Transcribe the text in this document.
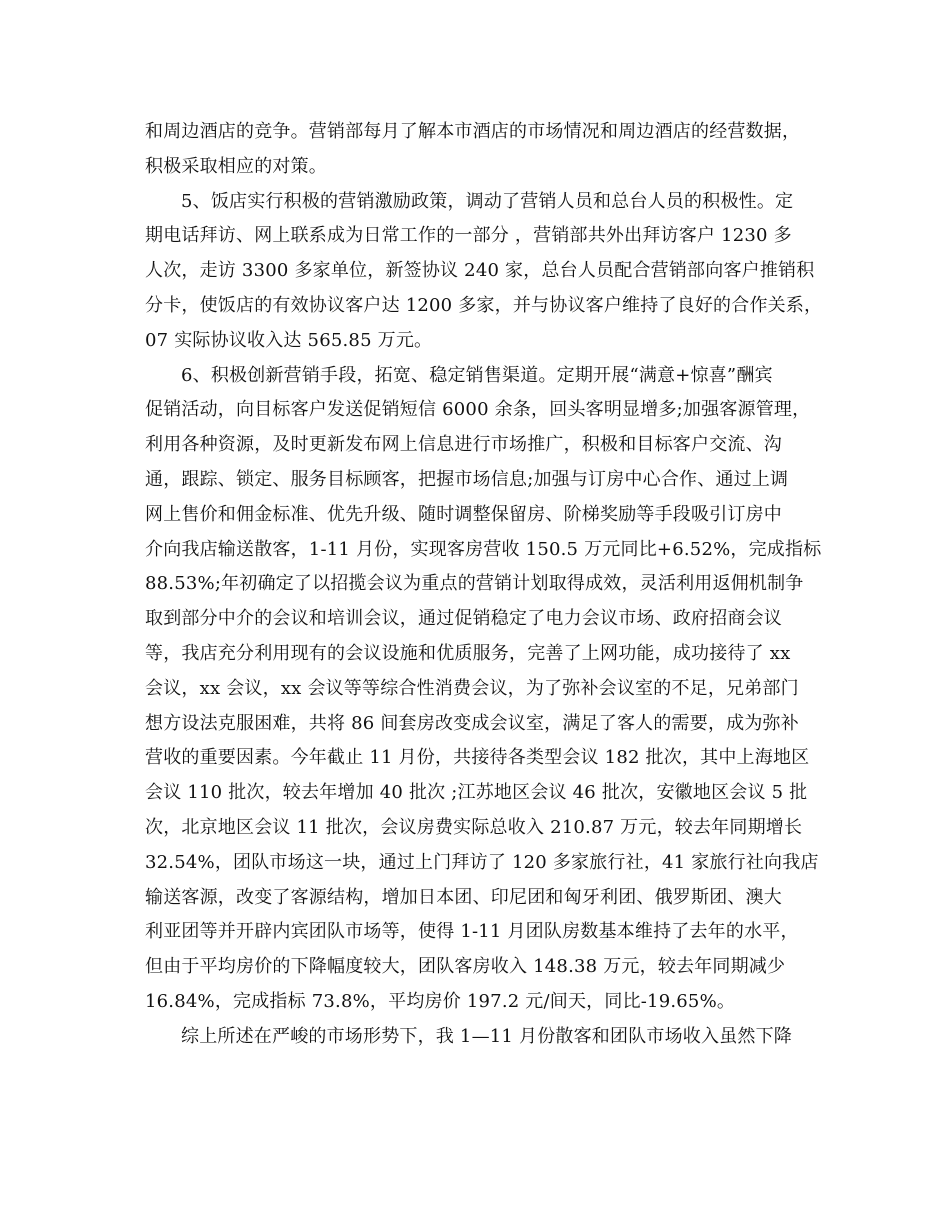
和周边酒店的竞争。营销部每月了解本市酒店的市场情况和周边酒店的经营数据，
积极采取相应的对策。
5、饭店实行积极的营销激励政策，调动了营销人员和总台人员的积极性。定
期电话拜访、网上联系成为日常工作的一部分 ，营销部共外出拜访客户 1230 多
人次，走访 3300 多家单位，新签协议 240 家，总台人员配合营销部向客户推销积
分卡，使饭店的有效协议客户达 1200 多家，并与协议客户维持了良好的合作关系，
07 实际协议收入达 565.85 万元。
6、积极创新营销手段，拓宽、稳定销售渠道。定期开展“满意+惊喜”酬宾
促销活动，向目标客户发送促销短信 6000 余条，回头客明显增多;加强客源管理，
利用各种资源，及时更新发布网上信息进行市场推广，积极和目标客户交流、沟
通，跟踪、锁定、服务目标顾客，把握市场信息;加强与订房中心合作、通过上调
网上售价和佣金标准、优先升级、随时调整保留房、阶梯奖励等手段吸引订房中
介向我店输送散客，1-11 月份，实现客房营收 150.5 万元同比+6.52%，完成指标
88.53%;年初确定了以招揽会议为重点的营销计划取得成效，灵活利用返佣机制争
取到部分中介的会议和培训会议，通过促销稳定了电力会议市场、政府招商会议
等，我店充分利用现有的会议设施和优质服务，完善了上网功能，成功接待了 xx
会议，xx 会议，xx 会议等等综合性消费会议，为了弥补会议室的不足，兄弟部门
想方设法克服困难，共将 86 间套房改变成会议室，满足了客人的需要，成为弥补
营收的重要因素。今年截止 11 月份，共接待各类型会议 182 批次，其中上海地区
会议 110 批次，较去年增加 40 批次 ;江苏地区会议 46 批次，安徽地区会议 5 批
次，北京地区会议 11 批次，会议房费实际总收入 210.87 万元，较去年同期增长
32.54%，团队市场这一块，通过上门拜访了 120 多家旅行社，41 家旅行社向我店
输送客源，改变了客源结构，增加日本团、印尼团和匈牙利团、俄罗斯团、澳大
利亚团等并开辟内宾团队市场等，使得 1-11 月团队房数基本维持了去年的水平，
但由于平均房价的下降幅度较大，团队客房收入 148.38 万元，较去年同期减少
16.84%，完成指标 73.8%，平均房价 197.2 元/间天，同比-19.65%。
综上所述在严峻的市场形势下，我 1—11 月份散客和团队市场收入虽然下降
